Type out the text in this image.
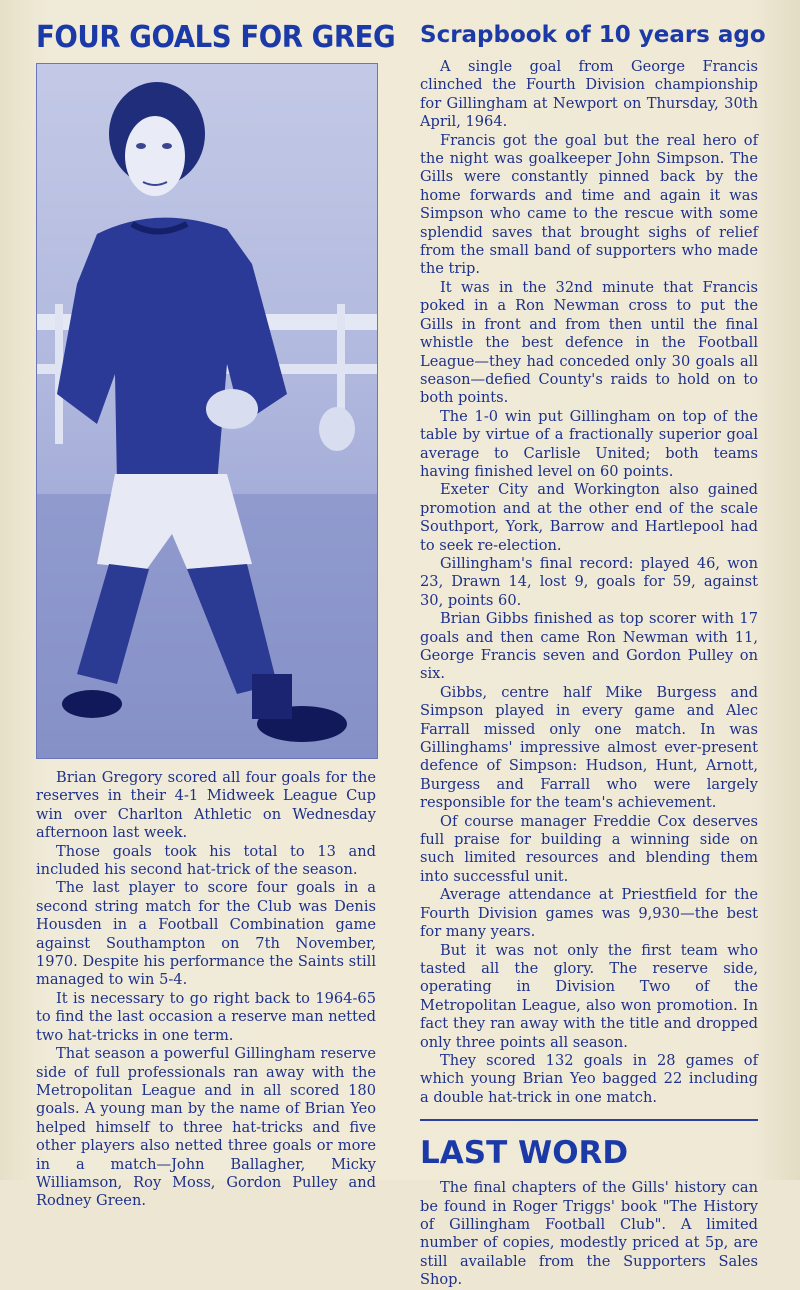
FOUR GOALS FOR GREG

Brian Gregory scored all four goals for the reserves in their 4-1 Midweek League Cup win over Charlton Athletic on Wednesday afternoon last week.

Those goals took his total to 13 and included his second hat-trick of the season.

The last player to score four goals in a second string match for the Club was Denis Housden in a Football Combination game against Southampton on 7th November, 1970. Despite his performance the Saints still managed to win 5-4.

It is necessary to go right back to 1964-65 to find the last occasion a reserve man netted two hat-tricks in one term.

That season a powerful Gillingham reserve side of full professionals ran away with the Metropolitan League and in all scored 180 goals. A young man by the name of Brian Yeo helped himself to three hat-tricks and five other players also netted three goals or more in a match—John Ballagher, Micky Williamson, Roy Moss, Gordon Pulley and Rodney Green.

Scrapbook of 10 years ago

A single goal from George Francis clinched the Fourth Division championship for Gillingham at Newport on Thursday, 30th April, 1964.

Francis got the goal but the real hero of the night was goalkeeper John Simpson. The Gills were constantly pinned back by the home forwards and time and again it was Simpson who came to the rescue with some splendid saves that brought sighs of relief from the small band of supporters who made the trip.

It was in the 32nd minute that Francis poked in a Ron Newman cross to put the Gills in front and from then until the final whistle the best defence in the Football League—they had conceded only 30 goals all season—defied County's raids to hold on to both points.

The 1-0 win put Gillingham on top of the table by virtue of a fractionally superior goal average to Carlisle United; both teams having finished level on 60 points.

Exeter City and Workington also gained promotion and at the other end of the scale Southport, York, Barrow and Hartlepool had to seek re-election.

Gillingham's final record: played 46, won 23, Drawn 14, lost 9, goals for 59, against 30, points 60.

Brian Gibbs finished as top scorer with 17 goals and then came Ron Newman with 11, George Francis seven and Gordon Pulley on six.

Gibbs, centre half Mike Burgess and Simpson played in every game and Alec Farrall missed only one match. In was Gillinghams' impressive almost ever-present defence of Simpson: Hudson, Hunt, Arnott, Burgess and Farrall who were largely responsible for the team's achievement.

Of course manager Freddie Cox deserves full praise for building a winning side on such limited resources and blending them into successful unit.

Average attendance at Priestfield for the Fourth Division games was 9,930—the best for many years.

But it was not only the first team who tasted all the glory. The reserve side, operating in Division Two of the Metropolitan League, also won promotion. In fact they ran away with the title and dropped only three points all season.

They scored 132 goals in 28 games of which young Brian Yeo bagged 22 including a double hat-trick in one match.

LAST WORD

The final chapters of the Gills' history can be found in Roger Triggs' book "The History of Gillingham Football Club". A limited number of copies, modestly priced at 5p, are still available from the Supporters Sales Shop.
